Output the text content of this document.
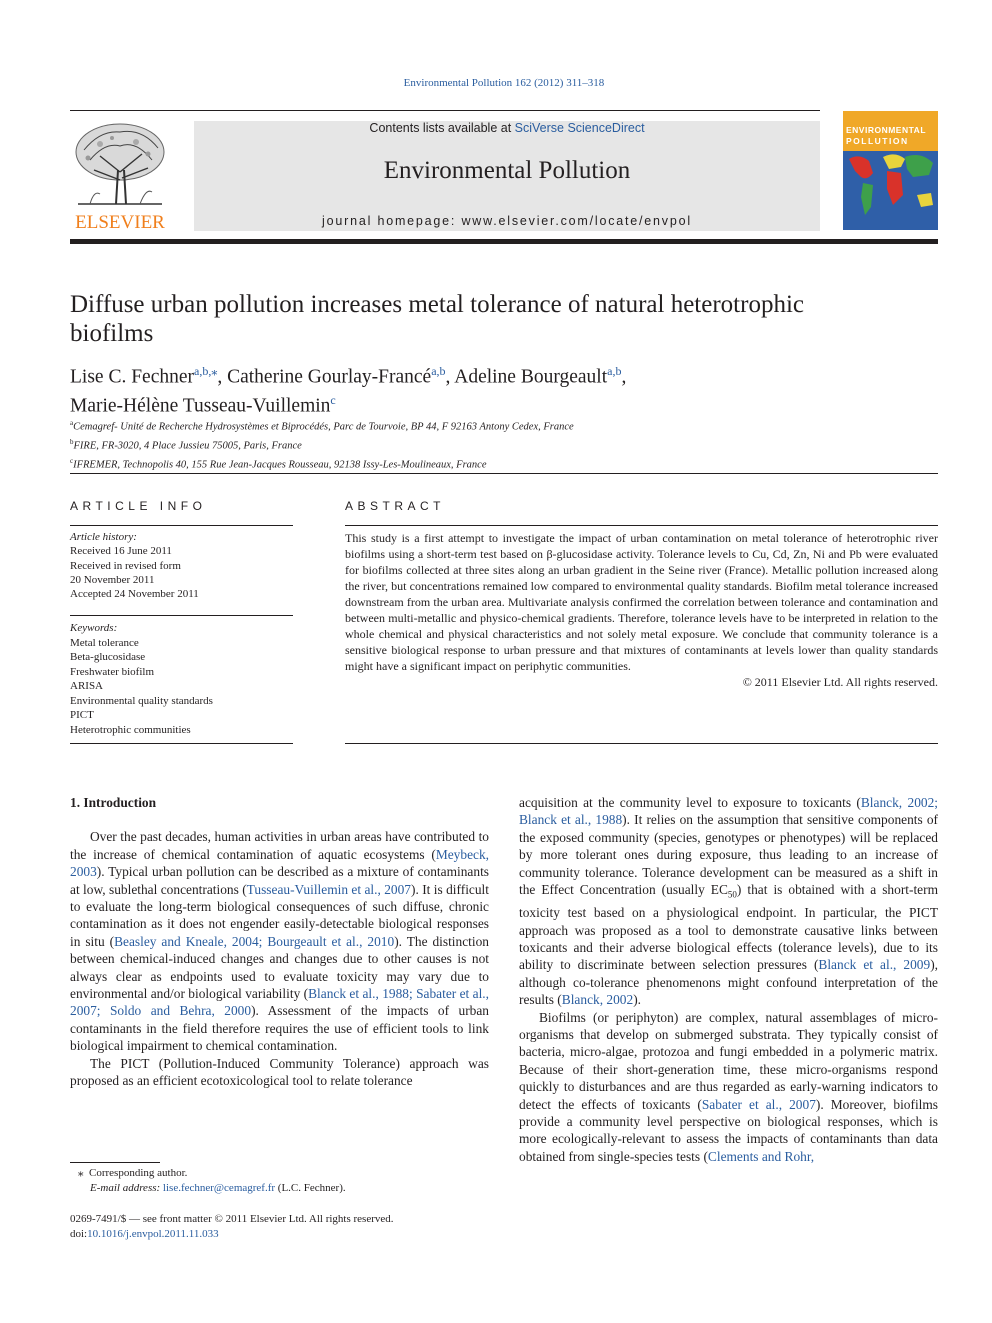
Environmental Pollution 162 (2012) 311–318
ELSEVIER
Contents lists available at SciVerse ScienceDirect
Environmental Pollution
journal homepage: www.elsevier.com/locate/envpol
ENVIRONMENTAL
POLLUTION
Diffuse urban pollution increases metal tolerance of natural heterotrophic biofilms
Lise C. Fechner$^{a,b,⁎}$, Catherine Gourlay-Francé$^{a,b}$, Adeline Bourgeault$^{a,b}$,
Marie-Hélène Tusseau-Vuillemin$^c$
$^a$Cemagref- Unité de Recherche Hydrosystèmes et Biprocédés, Parc de Tourvoie, BP 44, F 92163 Antony Cedex, France
$^b$FIRE, FR-3020, 4 Place Jussieu 75005, Paris, France
$^c$IFREMER, Technopolis 40, 155 Rue Jean-Jacques Rousseau, 92138 Issy-Les-Moulineaux, France
ARTICLE INFO	ABSTRACT
Article history:
Received 16 June 2011
Received in revised form
20 November 2011
Accepted 24 November 2011
Keywords:
Metal tolerance
Beta-glucosidase
Freshwater biofilm
ARISA
Environmental quality standards
PICT
Heterotrophic communities
This study is a first attempt to investigate the impact of urban contamination on metal tolerance of heterotrophic river biofilms using a short-term test based on β-glucosidase activity. Tolerance levels to Cu, Cd, Zn, Ni and Pb were evaluated for biofilms collected at three sites along an urban gradient in the Seine river (France). Metallic pollution increased along the river, but concentrations remained low compared to environmental quality standards. Biofilm metal tolerance increased downstream from the urban area. Multivariate analysis confirmed the correlation between tolerance and contamination and between multi-metallic and physico-chemical gradients. Therefore, tolerance levels have to be interpreted in relation to the whole chemical and physical characteristics and not solely metal exposure. We conclude that community tolerance is a sensitive biological response to urban pressure and that mixtures of contaminants at levels lower than quality standards might have a significant impact on periphytic communities.
© 2011 Elsevier Ltd. All rights reserved.

1. Introduction

Over the past decades, human activities in urban areas have contributed to the increase of chemical contamination of aquatic ecosystems (Meybeck, 2003). Typical urban pollution can be described as a mixture of contaminants at low, sublethal concentrations (Tusseau-Vuillemin et al., 2007). It is difficult to evaluate the long-term biological consequences of such diffuse, chronic contamination as it does not engender easily-detectable biological responses in situ (Beasley and Kneale, 2004; Bourgeault et al., 2010). The distinction between chemical-induced changes and changes due to other causes is not always clear as endpoints used to evaluate toxicity may vary due to environmental and/or biological variability (Blanck et al., 1988; Sabater et al., 2007; Soldo and Behra, 2000). Assessment of the impacts of urban contaminants in the field therefore requires the use of efficient tools to link biological impairment to chemical contamination.

The PICT (Pollution-Induced Community Tolerance) approach was proposed as an efficient ecotoxicological tool to relate tolerance

acquisition at the community level to exposure to toxicants (Blanck, 2002; Blanck et al., 1988). It relies on the assumption that sensitive components of the exposed community (species, genotypes or phenotypes) will be replaced by more tolerant ones during exposure, thus leading to an increase of community tolerance. Tolerance development can be measured as a shift in the Effect Concentration (usually $EC_{50}$) that is obtained with a short-term toxicity test based on a physiological endpoint. In particular, the PICT approach was proposed as a tool to demonstrate causative links between toxicants and their adverse biological effects (tolerance levels), due to its ability to discriminate between selection pressures (Blanck et al., 2009), although co-tolerance phenomenons might confound interpretation of the results (Blanck, 2002).

Biofilms (or periphyton) are complex, natural assemblages of micro-organisms that develop on submerged substrata. They typically consist of bacteria, micro-algae, protozoa and fungi embedded in a polymeric matrix. Because of their short-generation time, these micro-organisms respond quickly to disturbances and are thus regarded as early-warning indicators to detect the effects of toxicants (Sabater et al., 2007). Moreover, biofilms provide a community level perspective on biological responses, which is more ecologically-relevant to assess the impacts of contaminants than data obtained from single-species tests (Clements and Rohr,

⁎ Corresponding author.
E-mail address: lise.fechner@cemagref.fr (L.C. Fechner).
0269-7491/$ — see front matter © 2011 Elsevier Ltd. All rights reserved.
doi:10.1016/j.envpol.2011.11.033
